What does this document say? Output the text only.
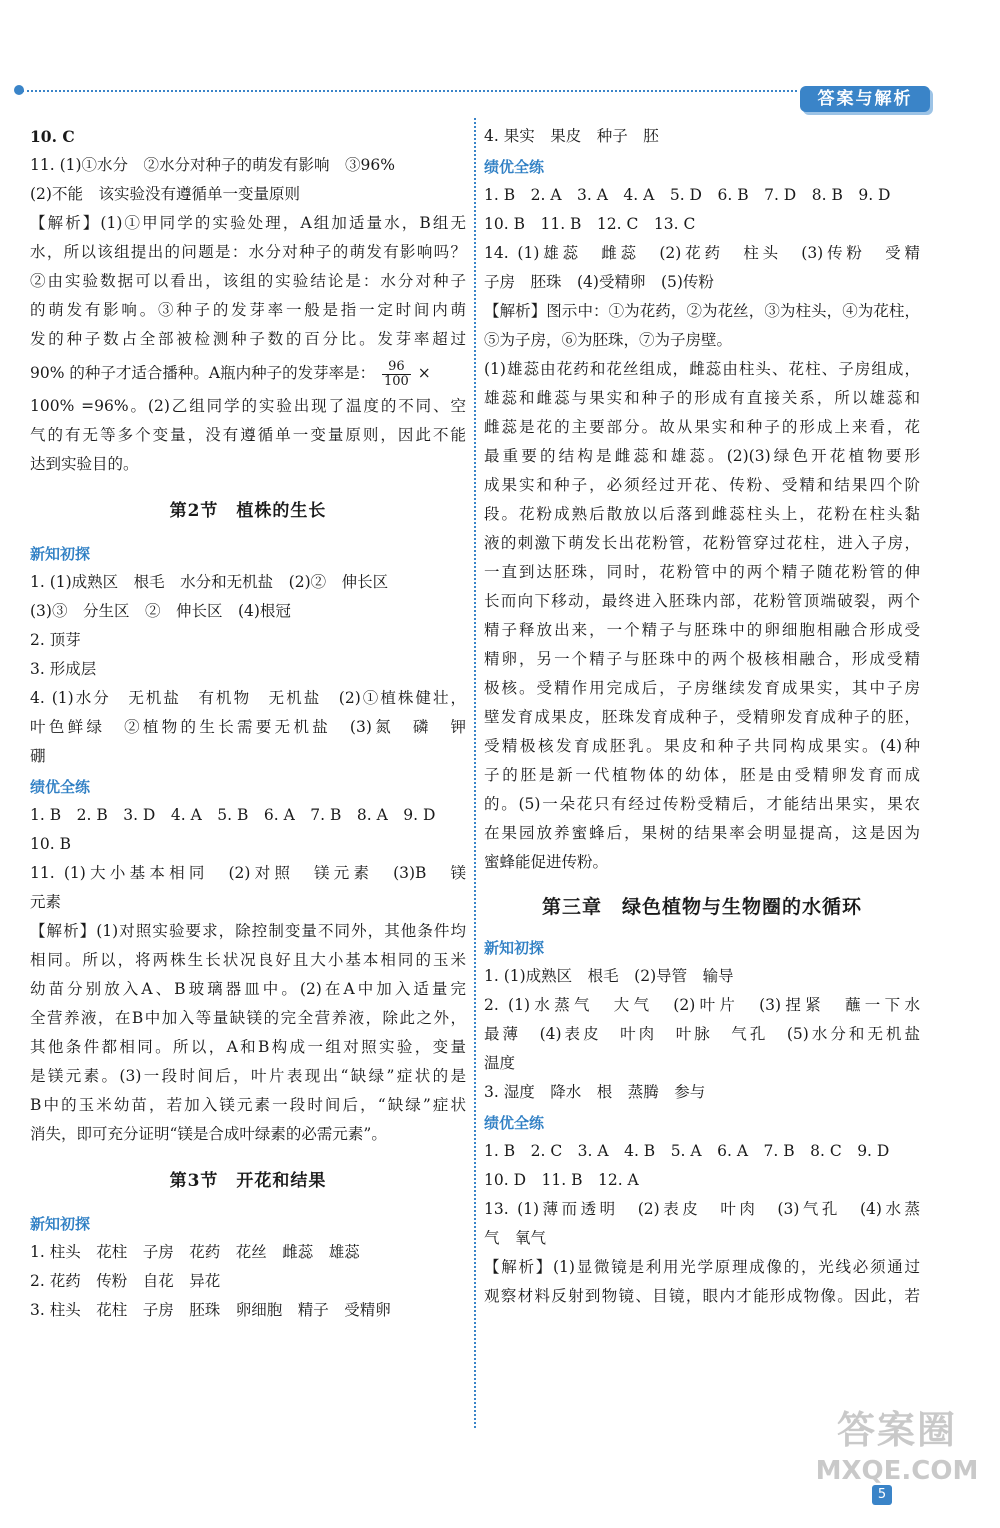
答案与解析

10. C

11. (1)①水分　②水分对种子的萌发有影响　③96%

(2)不能　该实验没有遵循单一变量原则

【解析】(1)①甲同学的实验处理，A组加适量水，B组无

水，所以该组提出的问题是：水分对种子的萌发有影响吗？

②由实验数据可以看出，该组的实验结论是：水分对种子

的萌发有影响。③种子的发芽率一般是指一定时间内萌

发的种子数占全部被检测种子数的百分比。发芽率超过

90% 的种子才适合播种。A瓶内种子的发芽率是： $\frac{96}{100}$ ×

100% =96%。(2)乙组同学的实验出现了温度的不同、空

气的有无等多个变量，没有遵循单一变量原则，因此不能

达到实验目的。

第2节　植株的生长
新知初探

1. (1)成熟区　根毛　水分和无机盐　(2)②　伸长区

(3)③　分生区　②　伸长区　(4)根冠

2. 顶芽

3. 形成层

4. (1)水分　无机盐　有机物　无机盐　(2)①植株健壮，

叶色鲜绿　②植物的生长需要无机盐　(3)氮　磷　钾

硼

绩优全练

1. B　2. B　3. D　4. A　5. B　6. A　7. B　8. A　9. D

10. B

11. (1)大小基本相同　(2)对照　镁元素　(3)B　镁

元素

【解析】(1)对照实验要求，除控制变量不同外，其他条件均

相同。所以，将两株生长状况良好且大小基本相同的玉米

幼苗分别放入A、B玻璃器皿中。(2)在A中加入适量完

全营养液，在B中加入等量缺镁的完全营养液，除此之外，

其他条件都相同。所以，A和B构成一组对照实验，变量

是镁元素。(3)一段时间后，叶片表现出“缺绿”症状的是

B中的玉米幼苗，若加入镁元素一段时间后，“缺绿”症状

消失，即可充分证明“镁是合成叶绿素的必需元素”。

第3节　开花和结果
新知初探

1. 柱头　花柱　子房　花药　花丝　雌蕊　雄蕊

2. 花药　传粉　自花　异花

3. 柱头　花柱　子房　胚珠　卵细胞　精子　受精卵

4. 果实　果皮　种子　胚

绩优全练

1. B　2. A　3. A　4. A　5. D　6. B　7. D　8. B　9. D

10. B　11. B　12. C　13. C

14. (1)雄蕊　雌蕊　(2)花药　柱头　(3)传粉　受精

子房　胚珠　(4)受精卵　(5)传粉

【解析】图示中：①为花药，②为花丝，③为柱头，④为花柱，

⑤为子房，⑥为胚珠，⑦为子房壁。

(1)雄蕊由花药和花丝组成，雌蕊由柱头、花柱、子房组成，

雄蕊和雌蕊与果实和种子的形成有直接关系，所以雄蕊和

雌蕊是花的主要部分。故从果实和种子的形成上来看，花

最重要的结构是雌蕊和雄蕊。(2)(3)绿色开花植物要形

成果实和种子，必须经过开花、传粉、受精和结果四个阶

段。花粉成熟后散放以后落到雌蕊柱头上，花粉在柱头黏

液的刺激下萌发长出花粉管，花粉管穿过花柱，进入子房，

一直到达胚珠，同时，花粉管中的两个精子随花粉管的伸

长而向下移动，最终进入胚珠内部，花粉管顶端破裂，两个

精子释放出来，一个精子与胚珠中的卵细胞相融合形成受

精卵，另一个精子与胚珠中的两个极核相融合，形成受精

极核。受精作用完成后，子房继续发育成果实，其中子房

壁发育成果皮，胚珠发育成种子，受精卵发育成种子的胚，

受精极核发育成胚乳。果皮和种子共同构成果实。(4)种

子的胚是新一代植物体的幼体，胚是由受精卵发育而成

的。(5)一朵花只有经过传粉受精后，才能结出果实，果农

在果园放养蜜蜂后，果树的结果率会明显提高，这是因为

蜜蜂能促进传粉。

第三章　绿色植物与生物圈的水循环
新知初探

1. (1)成熟区　根毛　(2)导管　输导

2. (1)水蒸气　大气　(2)叶片　(3)捏紧　蘸一下水

最薄　(4)表皮　叶肉　叶脉　气孔　(5)水分和无机盐

温度

3. 湿度　降水　根　蒸腾　参与

绩优全练

1. B　2. C　3. A　4. B　5. A　6. A　7. B　8. C　9. D

10. D　11. B　12. A

13. (1)薄而透明　(2)表皮　叶肉　(3)气孔　(4)水蒸

气　氧气

【解析】(1)显微镜是利用光学原理成像的，光线必须通过

观察材料反射到物镜、目镜，眼内才能形成物像。因此，若

5
答案圈
MXQE.COM
